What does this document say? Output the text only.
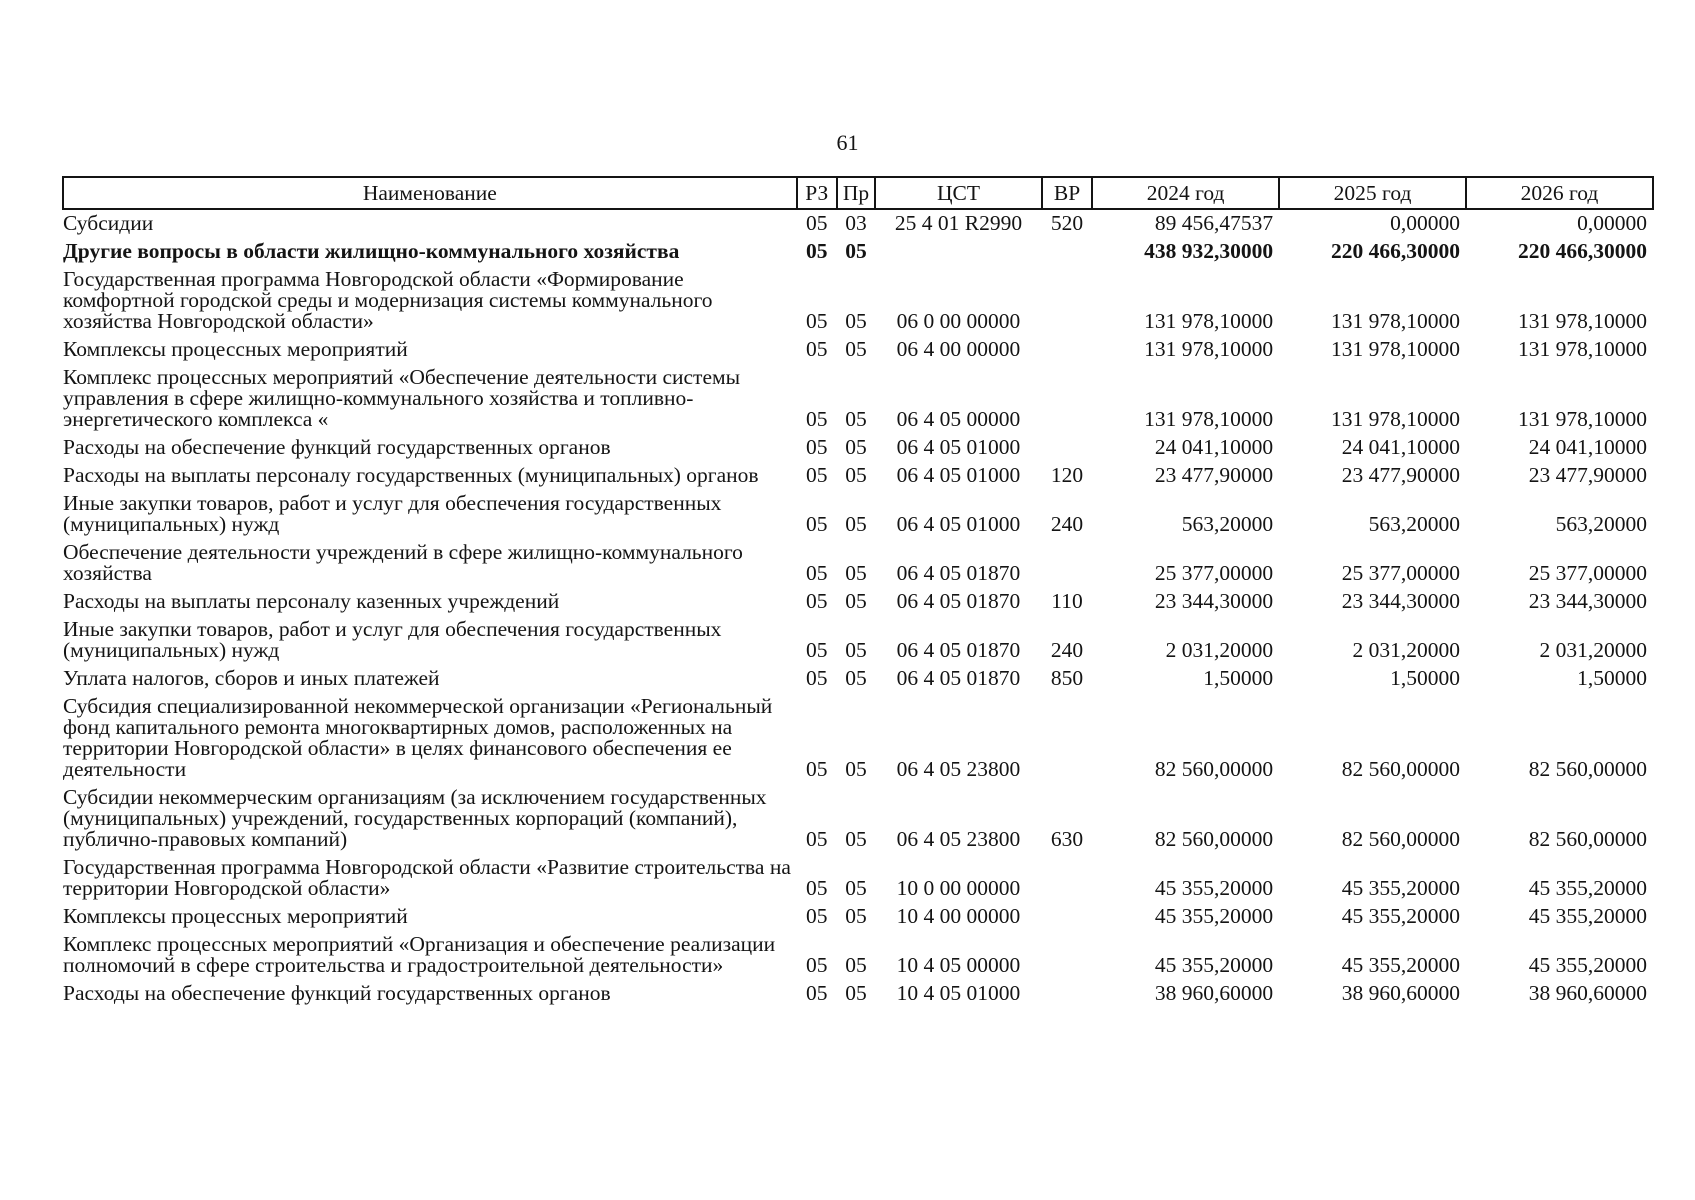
61
Наименование	РЗ	Пр	ЦСТ	ВР	2024 год	2025 год	2026 год
Субсидии	05	03	25 4 01 R2990	520	89 456,47537	0,00000	0,00000
Другие вопросы в области жилищно-коммунального хозяйства	05	05			438 932,30000	220 466,30000	220 466,30000
Государственная программа Новгородской области «Формирование комфортной городской среды и модернизация системы коммунального хозяйства Новгородской области»	05	05	06 0 00 00000		131 978,10000	131 978,10000	131 978,10000
Комплексы процессных мероприятий	05	05	06 4 00 00000		131 978,10000	131 978,10000	131 978,10000
Комплекс процессных мероприятий «Обеспечение деятельности системы управления в сфере жилищно-коммунального хозяйства и топливно-энергетического комплекса «	05	05	06 4 05 00000		131 978,10000	131 978,10000	131 978,10000
Расходы на обеспечение функций государственных органов	05	05	06 4 05 01000		24 041,10000	24 041,10000	24 041,10000
Расходы на выплаты персоналу государственных (муниципальных) органов	05	05	06 4 05 01000	120	23 477,90000	23 477,90000	23 477,90000
Иные закупки товаров, работ и услуг для обеспечения государственных (муниципальных) нужд	05	05	06 4 05 01000	240	563,20000	563,20000	563,20000
Обеспечение деятельности учреждений в сфере жилищно-коммунального хозяйства	05	05	06 4 05 01870		25 377,00000	25 377,00000	25 377,00000
Расходы на выплаты персоналу казенных учреждений	05	05	06 4 05 01870	110	23 344,30000	23 344,30000	23 344,30000
Иные закупки товаров, работ и услуг для обеспечения государственных (муниципальных) нужд	05	05	06 4 05 01870	240	2 031,20000	2 031,20000	2 031,20000
Уплата налогов, сборов и иных платежей	05	05	06 4 05 01870	850	1,50000	1,50000	1,50000
Субсидия специализированной некоммерческой организации «Региональный фонд капитального ремонта многоквартирных домов, расположенных на территории Новгородской области» в целях финансового обеспечения ее деятельности	05	05	06 4 05 23800		82 560,00000	82 560,00000	82 560,00000
Субсидии некоммерческим организациям (за исключением государственных (муниципальных) учреждений, государственных корпораций (компаний), публично-правовых компаний)	05	05	06 4 05 23800	630	82 560,00000	82 560,00000	82 560,00000
Государственная программа Новгородской области «Развитие строительства на территории Новгородской области»	05	05	10 0 00 00000		45 355,20000	45 355,20000	45 355,20000
Комплексы процессных мероприятий	05	05	10 4 00 00000		45 355,20000	45 355,20000	45 355,20000
Комплекс процессных мероприятий «Организация и обеспечение реализации полномочий в сфере строительства и градостроительной деятельности»	05	05	10 4 05 00000		45 355,20000	45 355,20000	45 355,20000
Расходы на обеспечение функций государственных органов	05	05	10 4 05 01000		38 960,60000	38 960,60000	38 960,60000
